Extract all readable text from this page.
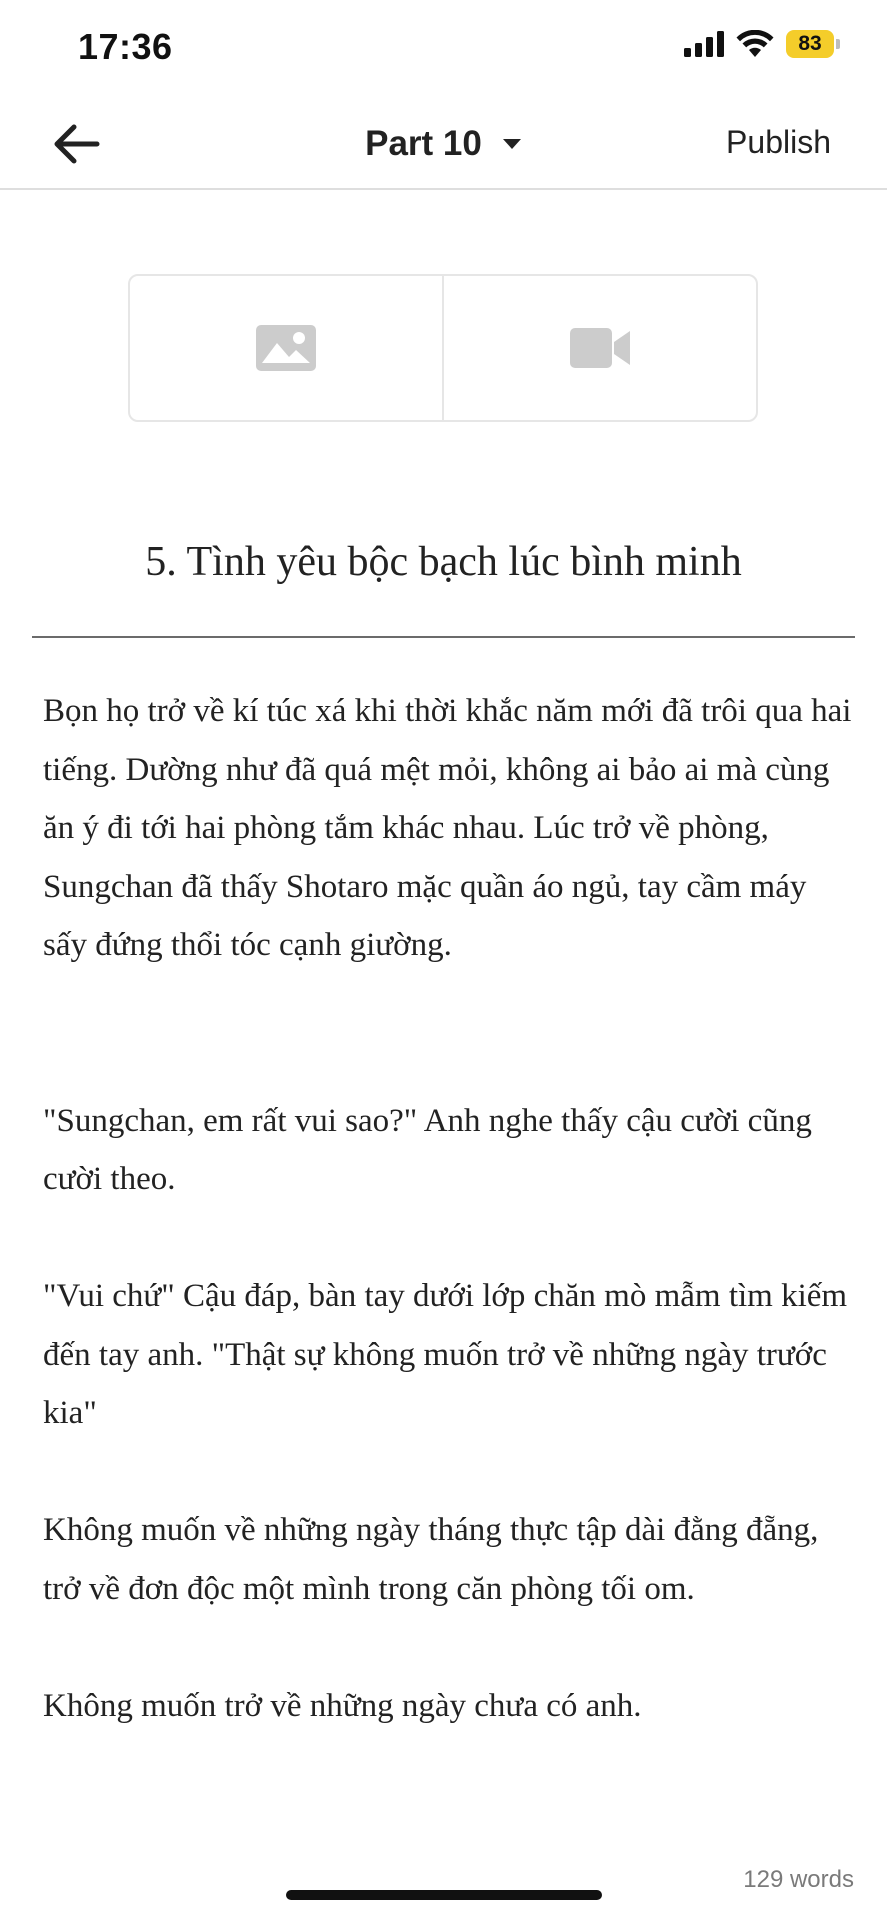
17:36	83
Part 10	Publish
5. Tình yêu bộc bạch lúc bình minh

Bọn họ trở về kí túc xá khi thời khắc năm mới đã trôi qua hai tiếng. Dường như đã quá mệt mỏi, không ai bảo ai mà cùng ăn ý đi tới hai phòng tắm khác nhau. Lúc trở về phòng, Sungchan đã thấy Shotaro mặc quần áo ngủ, tay cầm máy sấy đứng thổi tóc cạnh giường.

"Sungchan, em rất vui sao?" Anh nghe thấy cậu cười cũng cười theo.

"Vui chứ" Cậu đáp, bàn tay dưới lớp chăn mò mẫm tìm kiếm đến tay anh. "Thật sự không muốn trở về những ngày trước kia"

Không muốn về những ngày tháng thực tập dài đằng đẵng, trở về đơn độc một mình trong căn phòng tối om.

Không muốn trở về những ngày chưa có anh.

129 words
